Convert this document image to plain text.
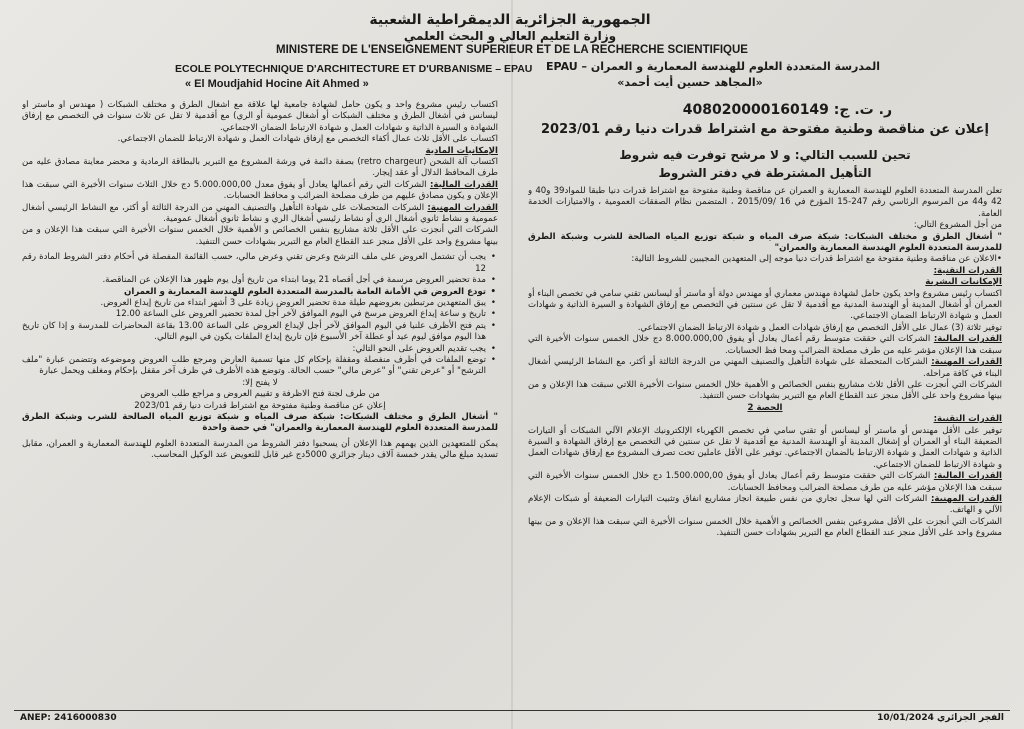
الجمهورية الجزائرية الديمقراطية الشعبية
وزارة التعليم العالي و البحث العلمي
MINISTERE DE L'ENSEIGNEMENT SUPERIEUR ET DE LA RECHERCHE SCIENTIFIQUE
ECOLE POLYTECHNIQUE D'ARCHITECTURE ET D'URBANISME – EPAU	المدرسة المتعددة العلوم للهندسة المعمارية و العمران – EPAU
« El Moudjahid Hocine Ait Ahmed »	«المجاهد حسين أيت أحمد»

ر. ت. ج: 408020000160149

إعلان عن مناقصة وطنية مفتوحة مع اشتراط قدرات دنيا رقم 2023/01

تحين للسبب التالي: و لا مرشح توفرت فيه شروط

التأهيل المشترطة في دفتر الشروط

تعلن المدرسة المتعددة العلوم للهندسة المعمارية و العمران عن مناقصة وطنية مفتوحة مع اشتراط قدرات دنيا طبقا للمواد39 و40 و 42 و44 من المرسوم الرئاسي رقم 247-15 المؤرخ في 16 /2015/09 ، المتضمن نظام الصفقات العمومية ، والامتيازات الخدمة العامة.

من أجل المشروع التالي:

" أشغال الطرق و مختلف الشبكات: شبكة صرف المياه و شبكة توزيع المياه الصالحة للشرب وشبكة الطرق للمدرسة المتعددة العلوم الهندسة المعمارية والعمران"

•الاعلان عن مناقصة وطنية مفتوحة مع اشتراط قدرات دنيا موجه إلى المتعهدين المجيبين للشروط التالية:

القدرات التقنية:

الإمكانيات البشرية

اكتساب رئيس مشروع واحد يكون حامل لشهادة مهندس معماري أو مهندس دولة أو ماستر أو ليسانس تقني سامي في تخصص البناء أو العمران أو أشغال المدينة أو الهندسة المدنية مع أقدمية لا تقل عن سنتين في التخصص مع إرفاق الشهادة و السيرة الذاتية و شهادات العمل و شهادة الارتباط الضمان الاجتماعي.

توفير ثلاثة (3) عمال على الأقل التخصص مع إرفاق شهادات العمل و شهادة الارتباط الضمان الاجتماعي.

القدرات المالية: الشركات التي حققت متوسط رقم أعمال يعادل أو يفوق 8.000.000,00 دج خلال الخمس سنوات الأخيرة التي سبقت هذا الإعلان مؤشر عليه من طرف مصلحة الضرائب ومحا فظ الحسابات.

القدرات المهنية: الشركات المتحصلة على شهادة التأهيل والتصنيف المهني من الدرجة الثالثة أو أكثر، مع النشاط الرئيسي أشغال البناء في كافة مراحله.

الشركات التي أنجزت على الأقل ثلاث مشاريع بنفس الخصائص و الأهمية خلال الخمس سنوات الأخيرة اللاتي سبقت هذا الإعلان و من بينها مشروع واحد على الأقل منجز عند القطاع العام مع التبرير بشهادات حسن التنفيذ.

الحصة 2

القدرات التقنية:

توفير على الأقل مهندس أو ماستر أو ليسانس أو تقني سامي في تخصص الكهرباء الإلكترونيك الإعلام الآلي الشبكات أو التيارات الضعيفة البناء أو العمران أو إشغال المدينة أو الهندسة المدنية مع أقدمية لا تقل عن سنتين في التخصص مع إرفاق الشهادة و السيرة الذاتية و شهادات العمل و شهادة الارتباط بالضمان الاجتماعي. توفير على الأقل عاملين تحت تصرف المشروع مع إرفاق شهادات العمل و شهادة الارتباط للضمان الاجتماعي.

القدرات المالية: الشركات التي حققت متوسط رقم أعمال يعادل أو يفوق 1.500.000,00 دج خلال الخمس سنوات الأخيرة التي سبقت هذا الإعلان مؤشر عليه من طرف مصلحة الضرائب ومحافظ الحسابات.

القدرات المهنية: الشركات التي لها سجل تجاري من نفس طبيعة انجاز مشاريع انفاق وتثبيت التيارات الضعيفة أو شبكات الإعلام الآلي و الهاتف.

الشركات التي أنجزت على الأقل مشروعين بنفس الخصائص و الأهمية خلال الخمس سنوات الأخيرة التي سبقت هذا الإعلان و من بينها مشروع واحد على الأقل منجز عند القطاع العام مع التبرير بشهادات حسن التنفيذ.

اكتساب رئيس مشروع واحد و يكون حامل لشهادة جامعية لها علاقة مع أشغال الطرق و مختلف الشبكات ( مهندس أو ماستر أو ليسانس في أشغال الطرق و مختلف الشبكات أو أشغال عمومية أو الري) مع أقدمية لا تقل عن ثلاث سنوات في التخصص مع إرفاق الشهادة و السيرة الذاتية و شهادات العمل و شهادة الارتباط الضمان الاجتماعي.

اكتساب على الأقل ثلاث عمال أكفاء التخصص مع إرفاق شهادات العمل و شهادة الارتباط للضمان الاجتماعي.

الإمكانيات المادية

اكتساب آلة الشحن (retro chargeur) بصفة دائمة في ورشة المشروع مع التبرير بالبطاقة الرمادية و محضر معاينة مصادق عليه من طرف المحافظ الدلال أو عقد إيجار.

القدرات المالية: الشركات التي رقم أعمالها يعادل أو يفوق معدل 5.000.000,00 دج خلال الثلاث سنوات الأخيرة التي سبقت هذا الإعلان و يكون مصادق عليهم من طرف مصلحة الضرائب و محافظ الحسابات.

القدرات المهنية: الشركات المتحصلات على شهادة التأهيل والتصنيف المهني من الدرجة الثالثة أو أكثر، مع النشاط الرئيسي أشغال عمومية و نشاط ثانوي أشغال الري أو نشاط رئيسي أشغال الري و نشاط ثانوي أشغال عمومية.

الشركات التي أنجزت على الأقل ثلاثة مشاريع بنفس الخصائص و الأهمية خلال الخمس سنوات الأخيرة التي سبقت هذا الإعلان و من بينها مشروع واحد على الأقل منجز عند القطاع العام مع التبرير بشهادات حسن التنفيذ.

• يجب أن تشتمل العروض على ملف الترشح وعرض تقني وعرض مالي، حسب القائمة المفصلة في أحكام دفتر الشروط المادة رقم 12
• مدة تحضير العروض مرسمة في أجل أقصاه 21 يوما ابتداء من تاريخ أول يوم ظهور هذا الإعلان عن المناقصة.
• تودع العروض في الأمانة العامة بالمدرسة المتعددة العلوم للهندسة المعمارية و العمران
• يبق المتعهدين مرتبطين بعروضهم طيلة مدة تحضير العروض زيادة على 3 أشهر ابتداء من تاريخ إيداع العروض.
• تاريخ و ساعة إيداع العروض مرسخ في اليوم الموافق لآخر أجل لمدة تحضير العروض على الساعة 12.00
• يتم فتح الأظرف علنيا في اليوم الموافق لآخر أجل لإيداع العروض على الساعة 13.00 بقاعة المحاضرات للمدرسة و إذا كان تاريخ هذا اليوم موافق ليوم عيد أو عطلة آخر الأسبوع فإن تاريخ إيداع الملفات يكون في اليوم التالي.
• يجب تقديم العروض على النحو التالي:
• توضع الملفات في أظرف منفصلة ومقفلة بإحكام كل منها تسمية العارض ومرجع طلب العروض وموضوعه وتتضمن عبارة "ملف الترشح" أو "عرض تقني" أو "عرض مالي" حسب الحالة. وتوضع هذه الأظرف في ظرف آخر مقفل بإحكام ومغلف ويحمل عبارة

لا يفتح إلا:

من طرف لجنة فتح الاظرفة و تقييم العروض و مراجع طلب العروض

إعلان عن مناقصة وطنية مفتوحة مع اشتراط قدرات دنيا رقم 2023/01

" أشغال الطرق و مختلف الشبكات: شبكة صرف المياه و شبكة توزيع المياه الصالحة للشرب وشبكة الطرق للمدرسة المتعددة العلوم للهندسة المعمارية والعمران" في حصة واحدة

يمكن للمتعهدين الذين يهمهم هذا الإعلان أن يسحبوا دفتر الشروط من المدرسة المتعددة العلوم للهندسة المعمارية و العمران، مقابل تسديد مبلغ مالي يقدر خمسة آلاف دينار جزائري 5000دج غير قابل للتعويض عند الوكيل المحاسب.

ANEP: 2416000830	الفجر الجزائري 10/01/2024
